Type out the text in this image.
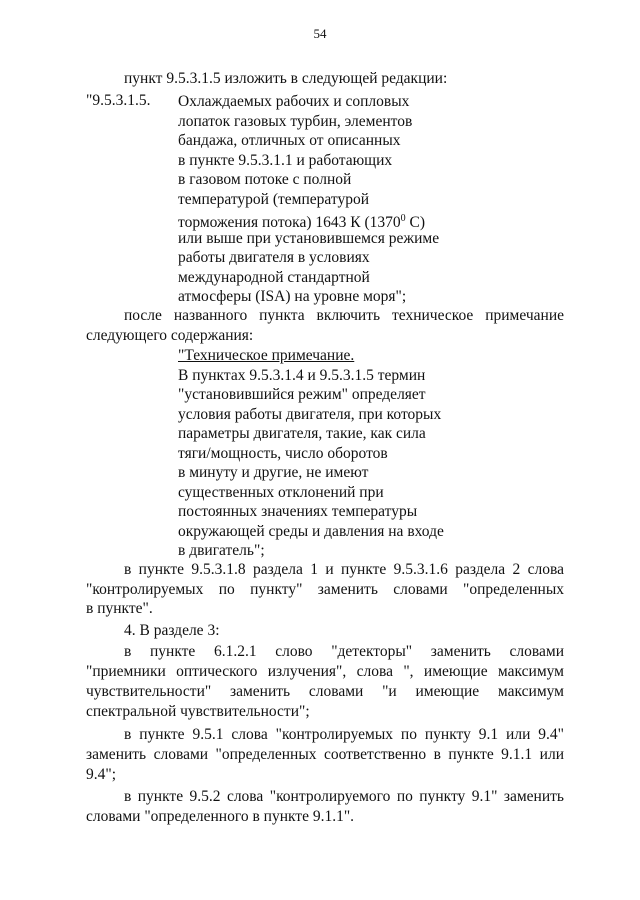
54
пункт 9.5.3.1.5 изложить в следующей редакции:
"9.5.3.1.5. Охлаждаемых рабочих и сопловых
лопаток газовых турбин, элементов
бандажа, отличных от описанных
в пункте 9.5.3.1.1 и работающих
в газовом потоке с полной
температурой (температурой
торможения потока) 1643 К (1370$^0$ С)
или выше при установившемся режиме
работы двигателя в условиях
международной стандартной
атмосферы (ISA) на уровне моря";
после названного пункта включить техническое примечание
следующего содержания:
"Техническое примечание.
В пунктах 9.5.3.1.4 и 9.5.3.1.5 термин
"установившийся режим" определяет
условия работы двигателя, при которых
параметры двигателя, такие, как сила
тяги/мощность, число оборотов
в минуту и другие, не имеют
существенных отклонений при
постоянных значениях температуры
окружающей среды и давления на входе
в двигатель";
в пункте 9.5.3.1.8 раздела 1 и пункте 9.5.3.1.6 раздела 2 слова
"контролируемых по пункту" заменить словами "определенных
в пункте".
4. В разделе 3:
в пункте 6.1.2.1 слово "детекторы" заменить словами
"приемники оптического излучения", слова ", имеющие максимум
чувствительности" заменить словами "и имеющие максимум
спектральной чувствительности";
в пункте 9.5.1 слова "контролируемых по пункту 9.1 или 9.4"
заменить словами "определенных соответственно в пункте 9.1.1 или
9.4";
в пункте 9.5.2 слова "контролируемого по пункту 9.1" заменить
словами "определенного в пункте 9.1.1".
